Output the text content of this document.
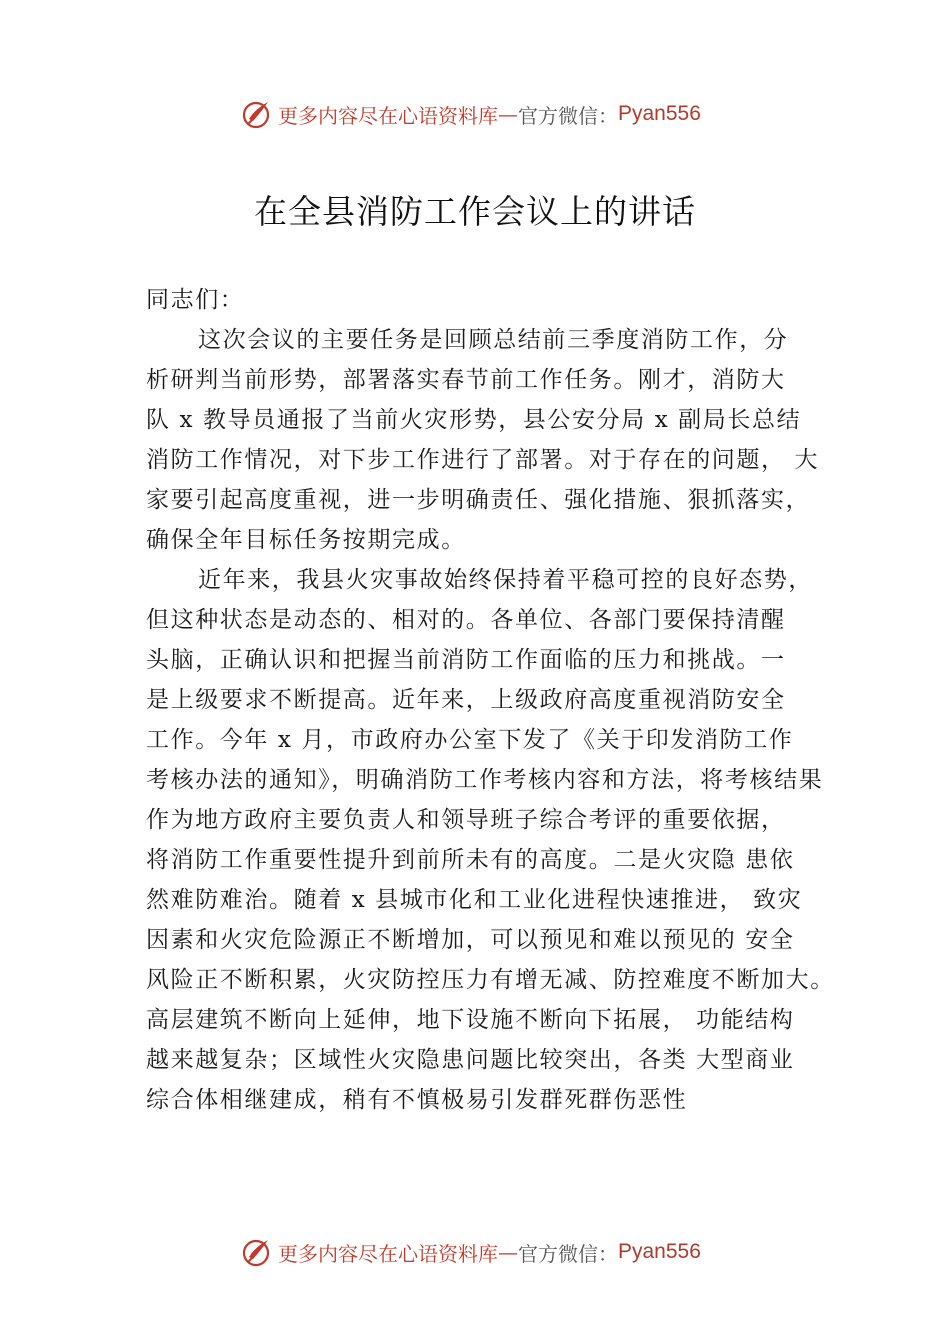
更多内容尽在心语资料库 — 官方微信： Pyan556
在全县消防工作会议上的讲话
同志们：
这次会议的主要任务是回顾总结前三季度消防工作，分
析研判当前形势，部署落实春节前工作任务。刚才，消防大
队 x 教导员通报了当前火灾形势，县公安分局 x 副局长总结
消防工作情况，对下步工作进行了部署。对于存在的问题， 大
家要引起高度重视，进一步明确责任、强化措施、狠抓落实，
确保全年目标任务按期完成。
近年来，我县火灾事故始终保持着平稳可控的良好态势，
但这种状态是动态的、相对的。各单位、各部门要保持清醒
头脑，正确认识和把握当前消防工作面临的压力和挑战。一
是上级要求不断提高。近年来，上级政府高度重视消防安全
工作。今年 x 月，市政府办公室下发了《关于印发消防工作
考核办法的通知》，明确消防工作考核内容和方法，将考核结果
作为地方政府主要负责人和领导班子综合考评的重要依据，
将消防工作重要性提升到前所未有的高度。二是火灾隐 患依
然难防难治。随着 x 县城市化和工业化进程快速推进， 致灾
因素和火灾危险源正不断增加，可以预见和难以预见的 安全
风险正不断积累，火灾防控压力有增无减、防控难度不断加大。
高层建筑不断向上延伸，地下设施不断向下拓展， 功能结构
越来越复杂；区域性火灾隐患问题比较突出，各类 大型商业
综合体相继建成，稍有不慎极易引发群死群伤恶性
更多内容尽在心语资料库 — 官方微信： Pyan556
